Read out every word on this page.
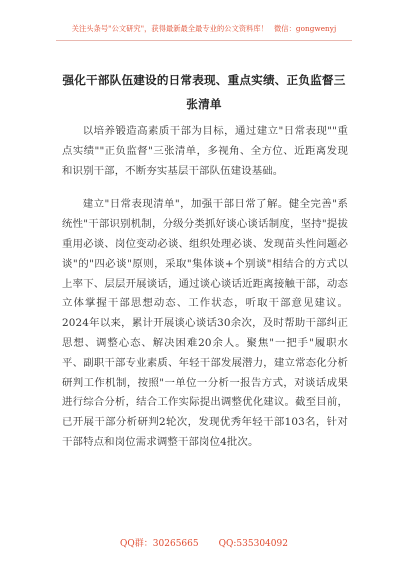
关注头条号"公文研究"，获得最新最全最专业的公文资料库！ 微信：gongwenyj
强化干部队伍建设的日常表现、重点实绩、正负监督三张清单

以培养锻造高素质干部为目标，通过建立"日常表现""重点实绩""正负监督"三张清单，多视角、全方位、近距离发现和识别干部，不断夯实基层干部队伍建设基础。

建立"日常表现清单"，加强干部日常了解。健全完善"系统性"干部识别机制，分级分类抓好谈心谈话制度，坚持"提拔重用必谈、岗位变动必谈、组织处理必谈、发现苗头性问题必谈"的"四必谈"原则，采取"集体谈+个别谈"相结合的方式以上率下、层层开展谈话，通过谈心谈话近距离接触干部，动态立体掌握干部思想动态、工作状态，听取干部意见建议。2024年以来，累计开展谈心谈话30余次，及时帮助干部纠正思想、调整心态、解决困难20余人。聚焦"一把手"履职水平、副职干部专业素质、年轻干部发展潜力，建立常态化分析研判工作机制，按照"一单位一分析一报告方式，对谈话成果进行综合分析，结合工作实际提出调整优化建议。截至目前，已开展干部分析研判2轮次，发现优秀年轻干部103名，针对干部特点和岗位需求调整干部岗位4批次。

QQ群：30265665 QQ:535304092
